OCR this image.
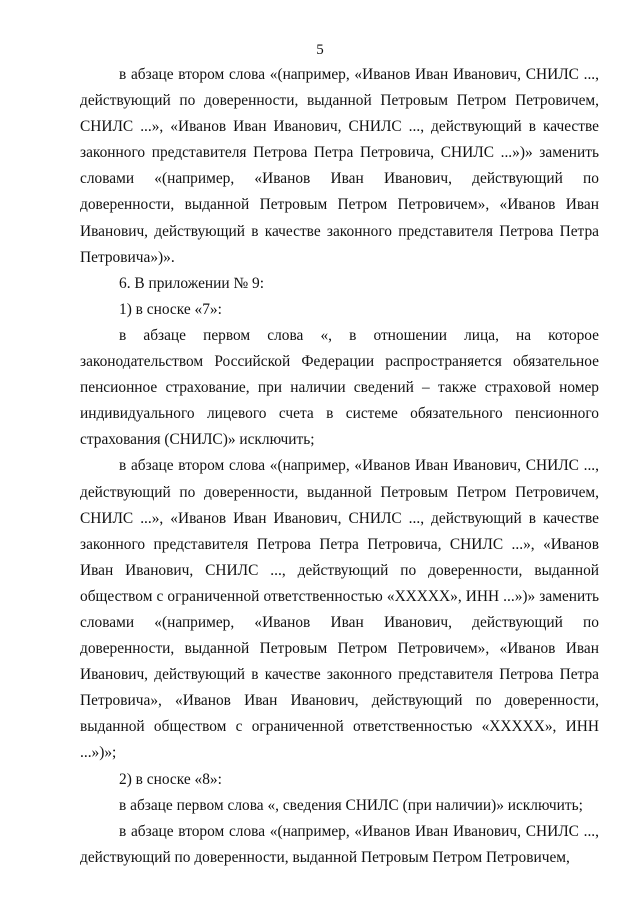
5

в абзаце втором слова «(например, «Иванов Иван Иванович, СНИЛС ..., действующий по доверенности, выданной Петровым Петром Петровичем, СНИЛС ...», «Иванов Иван Иванович, СНИЛС ..., действующий в качестве законного представителя Петрова Петра Петровича, СНИЛС ...»)» заменить словами «(например, «Иванов Иван Иванович, действующий по доверенности, выданной Петровым Петром Петровичем», «Иванов Иван Иванович, действующий в качестве законного представителя Петрова Петра Петровича»)».

6. В приложении № 9:

1) в сноске «7»:

в абзаце первом слова «, в отношении лица, на которое законодательством Российской Федерации распространяется обязательное пенсионное страхование, при наличии сведений – также страховой номер индивидуального лицевого счета в системе обязательного пенсионного страхования (СНИЛС)» исключить;

в абзаце втором слова «(например, «Иванов Иван Иванович, СНИЛС ..., действующий по доверенности, выданной Петровым Петром Петровичем, СНИЛС ...», «Иванов Иван Иванович, СНИЛС ..., действующий в качестве законного представителя Петрова Петра Петровича, СНИЛС ...», «Иванов Иван Иванович, СНИЛС ..., действующий по доверенности, выданной обществом с ограниченной ответственностью «ХХХХХ», ИНН ...»)» заменить словами «(например, «Иванов Иван Иванович, действующий по доверенности, выданной Петровым Петром Петровичем», «Иванов Иван Иванович, действующий в качестве законного представителя Петрова Петра Петровича», «Иванов Иван Иванович, действующий по доверенности, выданной обществом с ограниченной ответственностью «ХХХХХ», ИНН ...»)»;

2) в сноске «8»:

в абзаце первом слова «, сведения СНИЛС (при наличии)» исключить;

в абзаце втором слова «(например, «Иванов Иван Иванович, СНИЛС ..., действующий по доверенности, выданной Петровым Петром Петровичем,
